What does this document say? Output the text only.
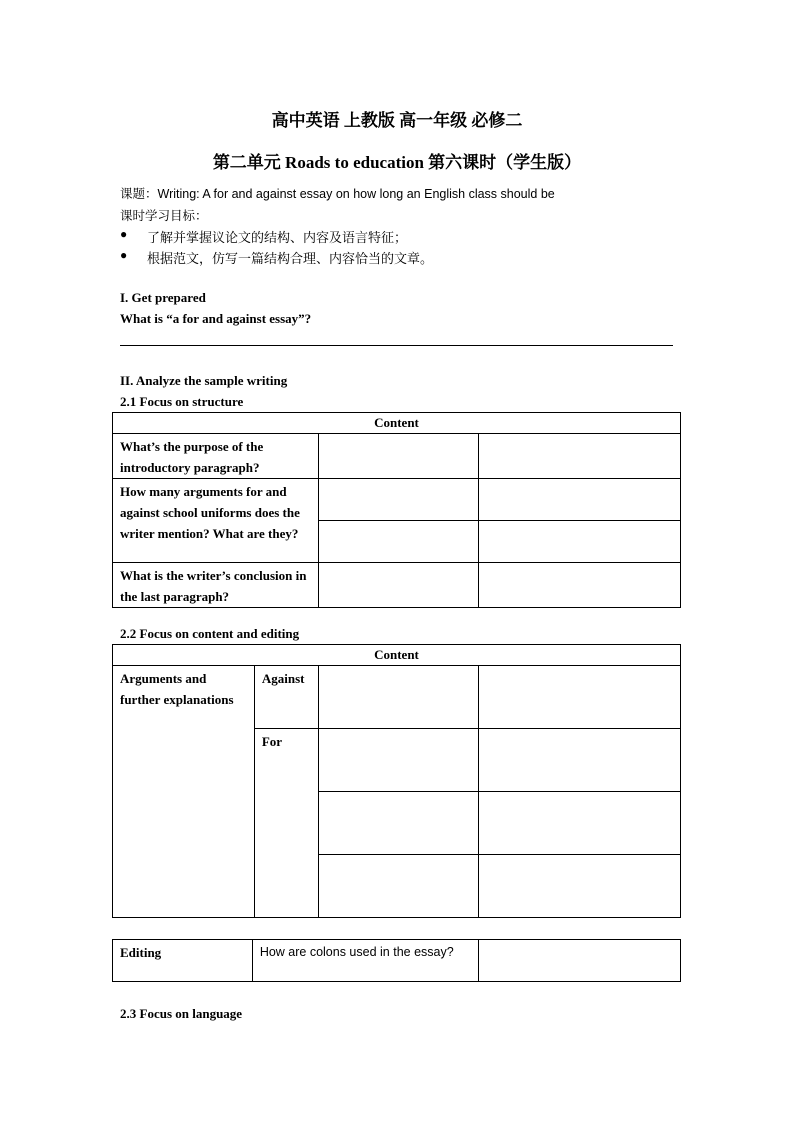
高中英语 上教版 高一年级 必修二
第二单元 Roads to education 第六课时（学生版）
课题：Writing: A for and against essay on how long an English class should be
课时学习目标：
● 了解并掌握议论文的结构、内容及语言特征；
● 根据范文，仿写一篇结构合理、内容恰当的文章。
I. Get prepared
What is “a for and against essay”?
II. Analyze the sample writing
2.1 Focus on structure
Content		
What’s the purpose of the introductory paragraph?		
How many arguments for and against school uniforms does the writer mention? What are they?		

What is the writer’s conclusion in the last paragraph?		
2.2 Focus on content and editing
Content			
Arguments and further explanations	Against		
	For		

Editing	How are colons used in the essay?	
2.3 Focus on language
